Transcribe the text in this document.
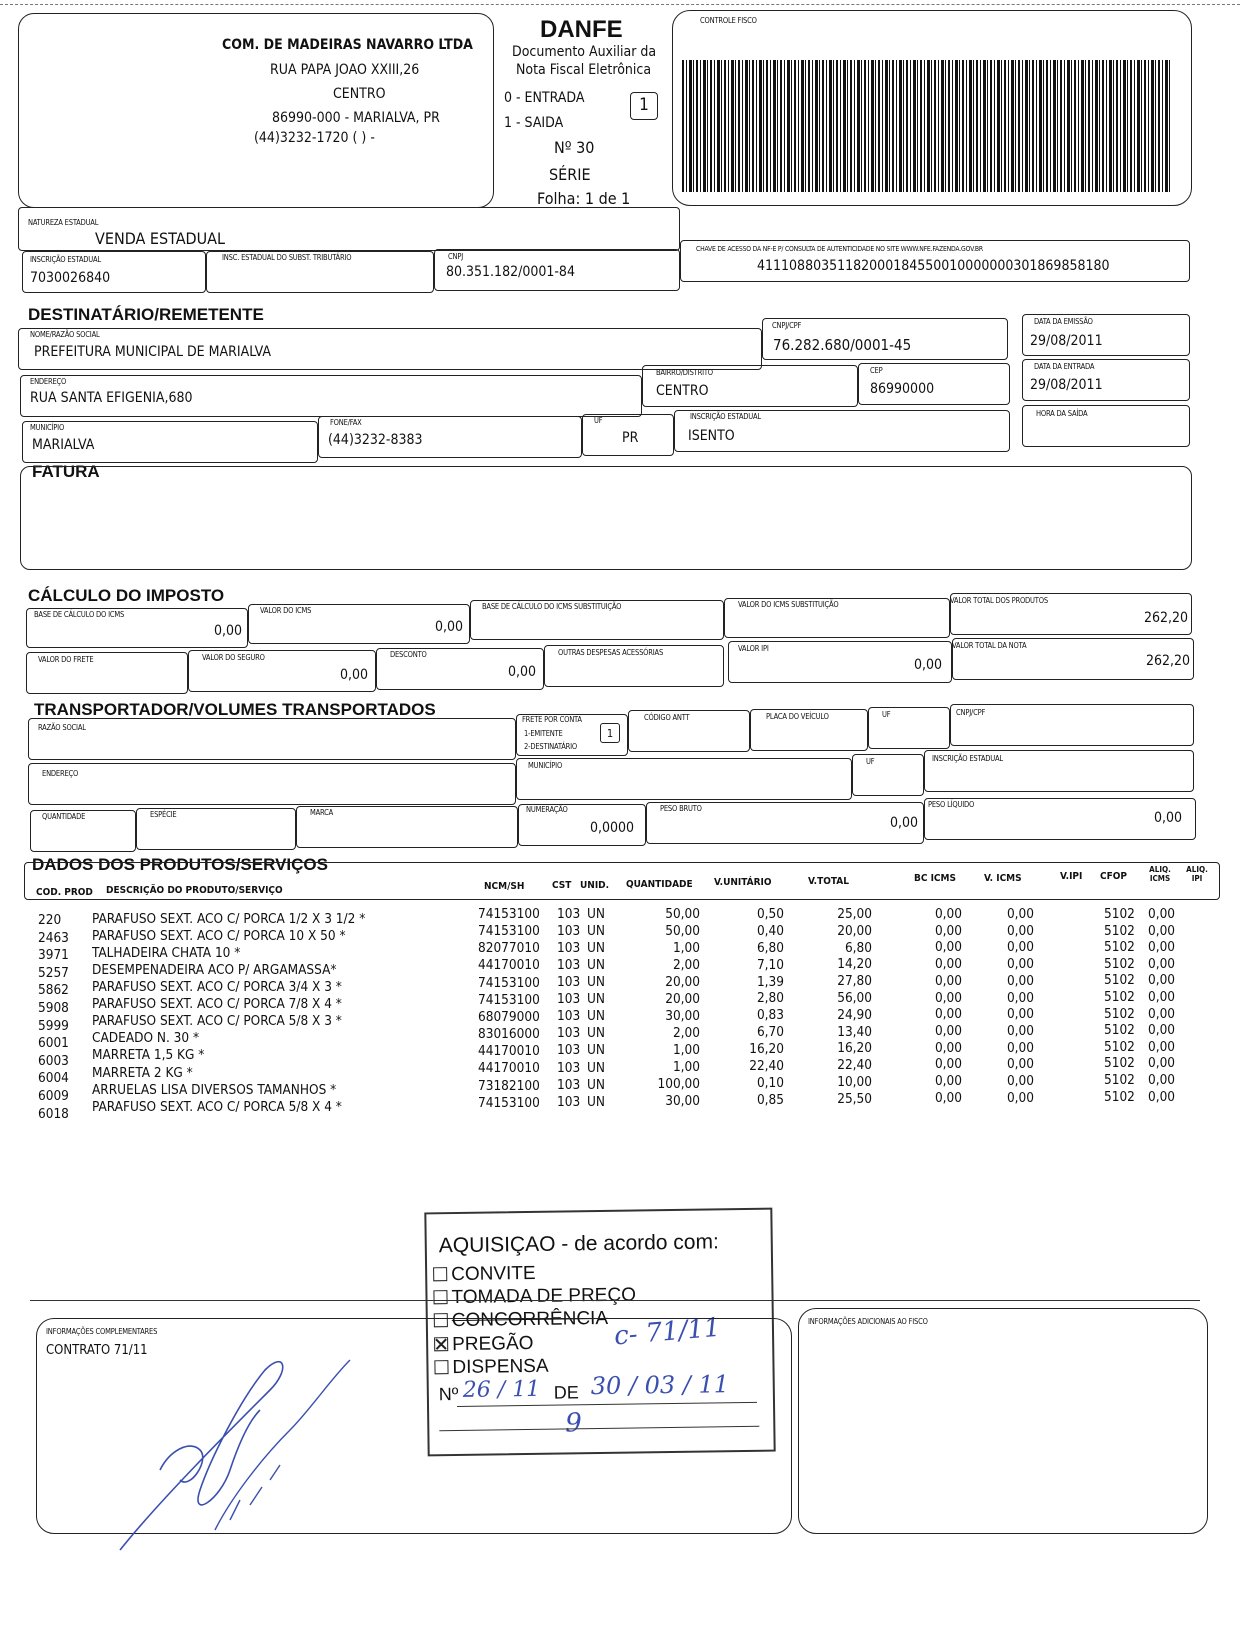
COM. DE MADEIRAS NAVARRO LTDA
RUA PAPA JOAO XXIII,26
CENTRO
86990-000 - MARIALVA, PR
(44)3232-1720 ( ) -
DANFE
Documento Auxiliar da
Nota Fiscal Eletrônica
0 - ENTRADA
1 - SAIDA
1
Nº 30
SÉRIE
Folha: 1 de 1
CONTROLE FISCO
NATUREZA ESTADUAL
VENDA ESTADUAL
INSCRIÇÃO ESTADUAL
7030026840
INSC. ESTADUAL DO SUBST. TRIBUTÁRIO	CNPJ
80.351.182/0001-84
CHAVE DE ACESSO DA NF-E P/ CONSULTA DE AUTENTICIDADE NO SITE WWW.NFE.FAZENDA.GOV.BR
41110880351182000184550010000000301869858180
DESTINATÁRIO/REMETENTE
NOME/RAZÃO SOCIAL
PREFEITURA MUNICIPAL DE MARIALVA
CNPJ/CPF
76.282.680/0001-45
DATA DA EMISSÃO
29/08/2011
ENDEREÇO
RUA SANTA EFIGENIA,680
BAIRRO/DISTRITO
CENTRO
CEP
86990000
DATA DA ENTRADA
29/08/2011
MUNICÍPIO
MARIALVA
FONE/FAX
(44)3232-8383
UF
PR
INSCRIÇÃO ESTADUAL
ISENTO
HORA DA SAÍDA
FATURA
CÁLCULO DO IMPOSTO
BASE DE CÁLCULO DO ICMS
0,00
VALOR DO ICMS
0,00
BASE DE CÁLCULO DO ICMS SUBSTITUIÇÃO	VALOR DO ICMS SUBSTITUIÇÃO	VALOR TOTAL DOS PRODUTOS
262,20
VALOR DO FRETE	VALOR DO SEGURO
0,00
DESCONTO
0,00
OUTRAS DESPESAS ACESSÓRIAS	VALOR IPI
0,00
VALOR TOTAL DA NOTA
262,20
TRANSPORTADOR/VOLUMES TRANSPORTADOS
RAZÃO SOCIAL
FRETE POR CONTA
1-EMITENTE
2-DESTINATÁRIO
1
CÓDIGO ANTT	PLACA DO VEÍCULO	UF	CNPJ/CPF
ENDEREÇO
MUNICÍPIO	UF	INSCRIÇÃO ESTADUAL
QUANTIDADE	ESPÉCIE	MARCA	NUMERAÇÃO
0,0000
PESO BRUTO
0,00
PESO LÍQUIDO
0,00
DADOS DOS PRODUTOS/SERVIÇOS
COD. PROD DESCRIÇÃO DO PRODUTO/SERVIÇO	NCM/SH	CST UNID. QUANTIDADE V.UNITÁRIO	V.TOTAL	BC ICMS	V. ICMS	V.IPI CFOP
ALIQ. ICMS
ALIQ. IPI
220 PARAFUSO SEXT. ACO C/ PORCA 1/2 X 3 1/2 *	74153100 103 UN	50,00	0,50	25,00	0,00	0,00	5102 0,00
2463 PARAFUSO SEXT. ACO C/ PORCA 10 X 50 *	74153100 103 UN	50,00	0,40	20,00	0,00	0,00	5102 0,00
3971 TALHADEIRA CHATA 10 *	82077010 103 UN	1,00	6,80	6,80	0,00	0,00	5102 0,00
5257 DESEMPENADEIRA ACO P/ ARGAMASSA*	44170010 103 UN	2,00	7,10	14,20	0,00	0,00	5102 0,00
5862 PARAFUSO SEXT. ACO C/ PORCA 3/4 X 3 *	74153100 103 UN	20,00	1,39	27,80	0,00	0,00	5102 0,00
5908 PARAFUSO SEXT. ACO C/ PORCA 7/8 X 4 *	74153100 103 UN	20,00	2,80	56,00	0,00	0,00	5102 0,00
5999 PARAFUSO SEXT. ACO C/ PORCA 5/8 X 3 *	68079000 103 UN	30,00	0,83	24,90	0,00	0,00	5102 0,00
6001 CADEADO N. 30 *	83016000 103 UN	2,00	6,70	13,40	0,00	0,00	5102 0,00
6003 MARRETA 1,5 KG *	44170010 103 UN	1,00	16,20	16,20	0,00	0,00	5102 0,00
6004 MARRETA 2 KG *	44170010 103 UN	1,00	22,40	22,40	0,00	0,00	5102 0,00
6009 ARRUELAS LISA DIVERSOS TAMANHOS *	73182100 103 UN	100,00	0,10	10,00	0,00	0,00	5102 0,00
6018 PARAFUSO SEXT. ACO C/ PORCA 5/8 X 4 *	74153100 103 UN	30,00	0,85	25,50	0,00	0,00	5102 0,00
AQUISIÇAO - de acordo com:
CONVITE
TOMADA DE PREÇO
CONCORRÊNCIA
PREGÃO	c- 71/11
DISPENSA
Nº 26 / 11 DE 30 / 03 / 11
9
INFORMAÇÕES COMPLEMENTARES
CONTRATO 71/11
INFORMAÇÕES ADICIONAIS AO FISCO
